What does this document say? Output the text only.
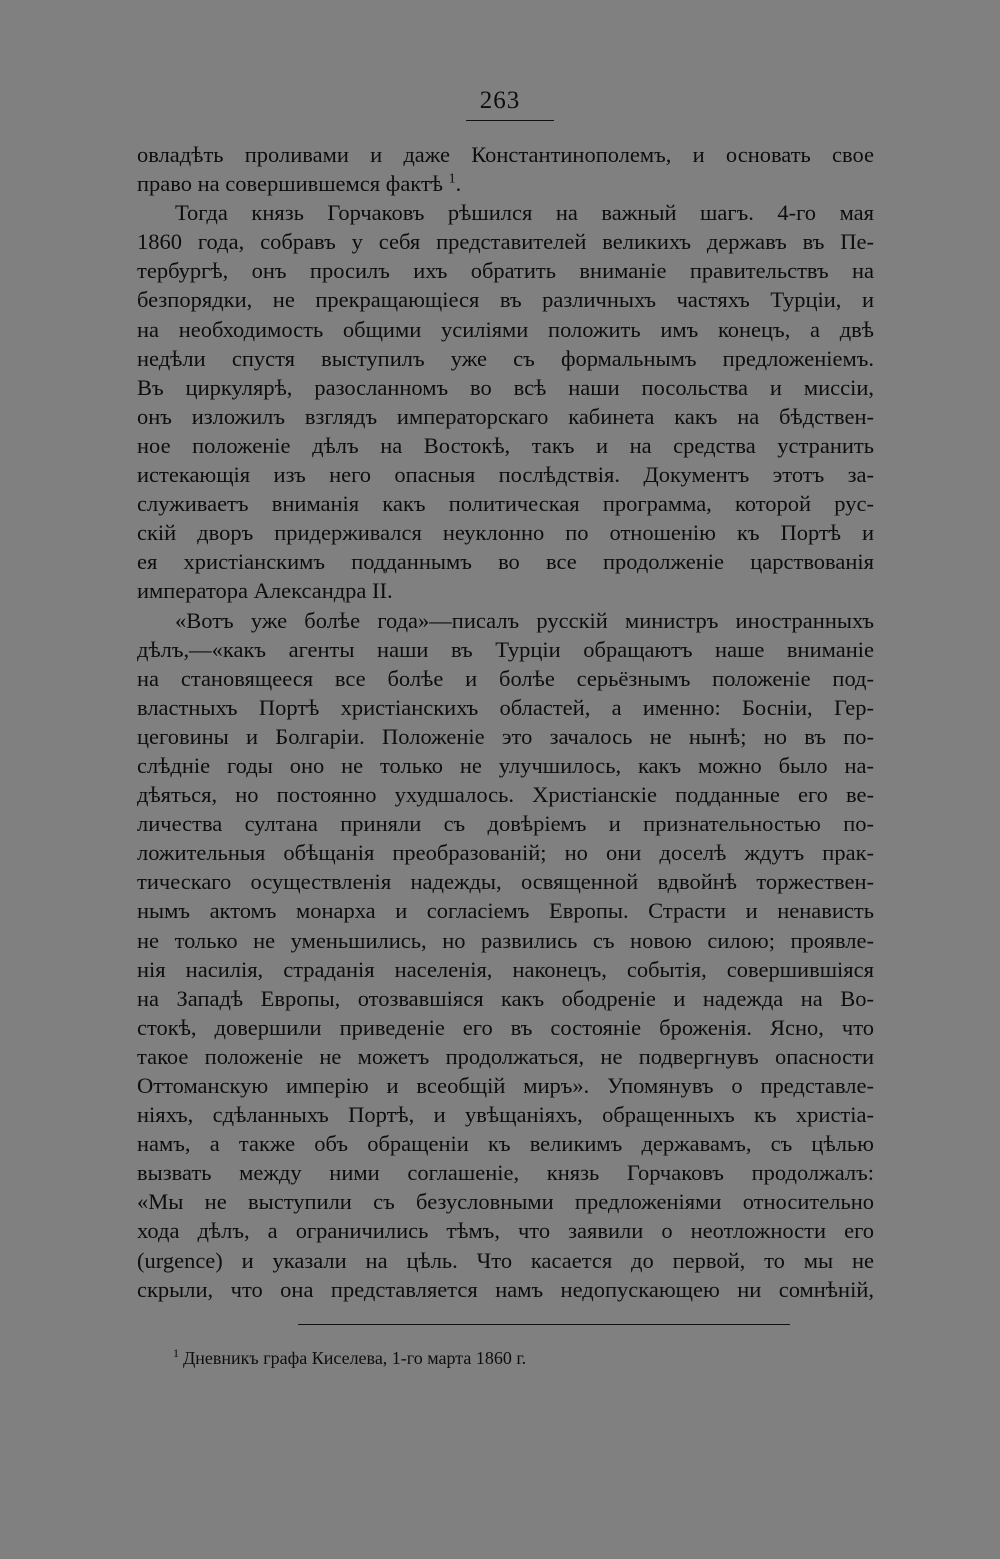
263
овладѣть проливами и даже Константинополемъ, и основать свое
право на совершившемся фактѣ $^1$.
Тогда князь Горчаковъ рѣшился на важный шагъ. 4-го мая
1860 года, собравъ у себя представителей великихъ державъ въ Пе-
тербургѣ, онъ просилъ ихъ обратить вниманіе правительствъ на
безпорядки, не прекращающіеся въ различныхъ частяхъ Турціи, и
на необходимость общими усиліями положить имъ конецъ, а двѣ
недѣли спустя выступилъ уже съ формальнымъ предложеніемъ.
Въ циркулярѣ, разосланномъ во всѣ наши посольства и миссіи,
онъ изложилъ взглядъ императорскаго кабинета какъ на бѣдствен-
ное положеніе дѣлъ на Востокѣ, такъ и на средства устранить
истекающія изъ него опасныя послѣдствія. Документъ этотъ за-
служиваетъ вниманія какъ политическая программа, которой рус-
скій дворъ придерживался неуклонно по отношенію къ Портѣ и
ея христіанскимъ подданнымъ во все продолженіе царствованія
императора Александра II.
«Вотъ уже болѣе года»—писалъ русскій министръ иностранныхъ
дѣлъ,—«какъ агенты наши въ Турціи обращаютъ наше вниманіе
на становящееся все болѣе и болѣе серьёзнымъ положеніе под-
властныхъ Портѣ христіанскихъ областей, а именно: Босніи, Гер-
цеговины и Болгаріи. Положеніе это зачалось не нынѣ; но въ по-
слѣдніе годы оно не только не улучшилось, какъ можно было на-
дѣяться, но постоянно ухудшалось. Христіанскіе подданные его ве-
личества султана приняли съ довѣріемъ и признательностью по-
ложительныя обѣщанія преобразованій; но они доселѣ ждутъ прак-
тическаго осуществленія надежды, освященной вдвойнѣ торжествен-
нымъ актомъ монарха и согласіемъ Европы. Страсти и ненависть
не только не уменьшились, но развились съ новою силою; проявле-
нія насилія, страданія населенія, наконецъ, событія, совершившіяся
на Западѣ Европы, отозвавшіяся какъ ободреніе и надежда на Во-
стокѣ, довершили приведеніе его въ состояніе броженія. Ясно, что
такое положеніе не можетъ продолжаться, не подвергнувъ опасности
Оттоманскую имперію и всеобщій миръ». Упомянувъ о представле-
ніяхъ, сдѣланныхъ Портѣ, и увѣщаніяхъ, обращенныхъ къ христіа-
намъ, а также объ обращеніи къ великимъ державамъ, съ цѣлью
вызвать между ними соглашеніе, князь Горчаковъ продолжалъ:
«Мы не выступили съ безусловными предложеніями относительно
хода дѣлъ, а ограничились тѣмъ, что заявили о неотложности его
(urgence) и указали на цѣль. Что касается до первой, то мы не
скрыли, что она представляется намъ недопускающею ни сомнѣній,
$^1$ Дневникъ графа Киселева, 1-го марта 1860 г.
